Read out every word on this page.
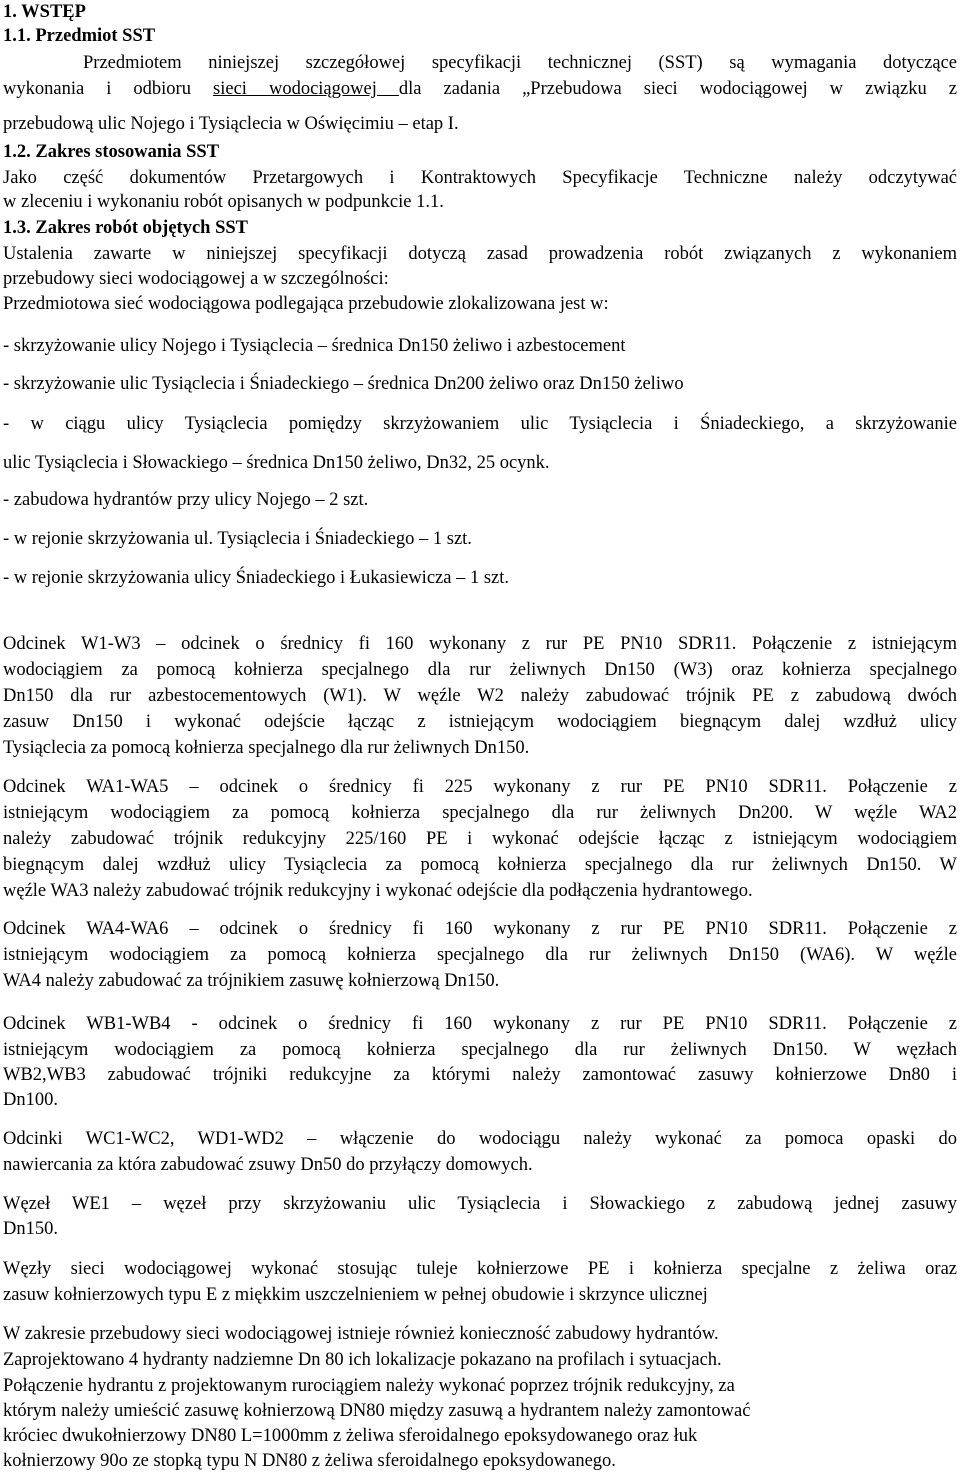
1. WSTĘP
1.1. Przedmiot SST
Przedmiotem niniejszej szczegółowej specyfikacji technicznej (SST) są wymagania dotyczące
wykonania i odbioru sieci wodociągowej dla zadania „Przebudowa sieci wodociągowej w związku z
przebudową ulic Nojego i Tysiąclecia w Oświęcimiu – etap I.
1.2. Zakres stosowania SST
Jako część dokumentów Przetargowych i Kontraktowych Specyfikacje Techniczne należy odczytywać
w zleceniu i wykonaniu robót opisanych w podpunkcie 1.1.
1.3. Zakres robót objętych SST
Ustalenia zawarte w niniejszej specyfikacji dotyczą zasad prowadzenia robót związanych z wykonaniem
przebudowy sieci wodociągowej a w szczególności:
Przedmiotowa sieć wodociągowa podlegająca przebudowie zlokalizowana jest w:
- skrzyżowanie ulicy Nojego i Tysiąclecia – średnica Dn150 żeliwo i azbestocement
- skrzyżowanie ulic Tysiąclecia i Śniadeckiego – średnica Dn200 żeliwo oraz Dn150 żeliwo
- w ciągu ulicy Tysiąclecia pomiędzy skrzyżowaniem ulic Tysiąclecia i Śniadeckiego, a skrzyżowanie
ulic Tysiąclecia i Słowackiego – średnica Dn150 żeliwo, Dn32, 25 ocynk.
- zabudowa hydrantów przy ulicy Nojego – 2 szt.
- w rejonie skrzyżowania ul. Tysiąclecia i Śniadeckiego – 1 szt.
- w rejonie skrzyżowania ulicy Śniadeckiego i Łukasiewicza – 1 szt.
Odcinek W1-W3 – odcinek o średnicy fi 160 wykonany z rur PE PN10 SDR11. Połączenie z istniejącym
wodociągiem za pomocą kołnierza specjalnego dla rur żeliwnych Dn150 (W3) oraz kołnierza specjalnego
Dn150 dla rur azbestocementowych (W1). W węźle W2 należy zabudować trójnik PE z zabudową dwóch
zasuw Dn150 i wykonać odejście łącząc z istniejącym wodociągiem biegnącym dalej wzdłuż ulicy
Tysiąclecia za pomocą kołnierza specjalnego dla rur żeliwnych Dn150.
Odcinek WA1-WA5 – odcinek o średnicy fi 225 wykonany z rur PE PN10 SDR11. Połączenie z
istniejącym wodociągiem za pomocą kołnierza specjalnego dla rur żeliwnych Dn200. W węźle WA2
należy zabudować trójnik redukcyjny 225/160 PE i wykonać odejście łącząc z istniejącym wodociągiem
biegnącym dalej wzdłuż ulicy Tysiąclecia za pomocą kołnierza specjalnego dla rur żeliwnych Dn150. W
węźle WA3 należy zabudować trójnik redukcyjny i wykonać odejście dla podłączenia hydrantowego.
Odcinek WA4-WA6 – odcinek o średnicy fi 160 wykonany z rur PE PN10 SDR11. Połączenie z
istniejącym wodociągiem za pomocą kołnierza specjalnego dla rur żeliwnych Dn150 (WA6). W węźle
WA4 należy zabudować za trójnikiem zasuwę kołnierzową Dn150.
Odcinek WB1-WB4 - odcinek o średnicy fi 160 wykonany z rur PE PN10 SDR11. Połączenie z
istniejącym wodociągiem za pomocą kołnierza specjalnego dla rur żeliwnych Dn150. W węzłach
WB2,WB3 zabudować trójniki redukcyjne za którymi należy zamontować zasuwy kołnierzowe Dn80 i
Dn100.
Odcinki WC1-WC2, WD1-WD2 – włączenie do wodociągu należy wykonać za pomoca opaski do
nawiercania za która zabudować zsuwy Dn50 do przyłączy domowych.
Węzeł WE1 – węzeł przy skrzyżowaniu ulic Tysiąclecia i Słowackiego z zabudową jednej zasuwy
Dn150.
Węzły sieci wodociągowej wykonać stosując tuleje kołnierzowe PE i kołnierza specjalne z żeliwa oraz
zasuw kołnierzowych typu E z miękkim uszczelnieniem w pełnej obudowie i skrzynce ulicznej
W zakresie przebudowy sieci wodociągowej istnieje również konieczność zabudowy hydrantów.
Zaprojektowano 4 hydranty nadziemne Dn 80 ich lokalizacje pokazano na profilach i sytuacjach.
Połączenie hydrantu z projektowanym rurociągiem należy wykonać poprzez trójnik redukcyjny, za
którym należy umieścić zasuwę kołnierzową DN80 między zasuwą a hydrantem należy zamontować
króciec dwukołnierzowy DN80 L=1000mm z żeliwa sferoidalnego epoksydowanego oraz łuk
kołnierzowy 90o ze stopką typu N DN80 z żeliwa sferoidalnego epoksydowanego.
